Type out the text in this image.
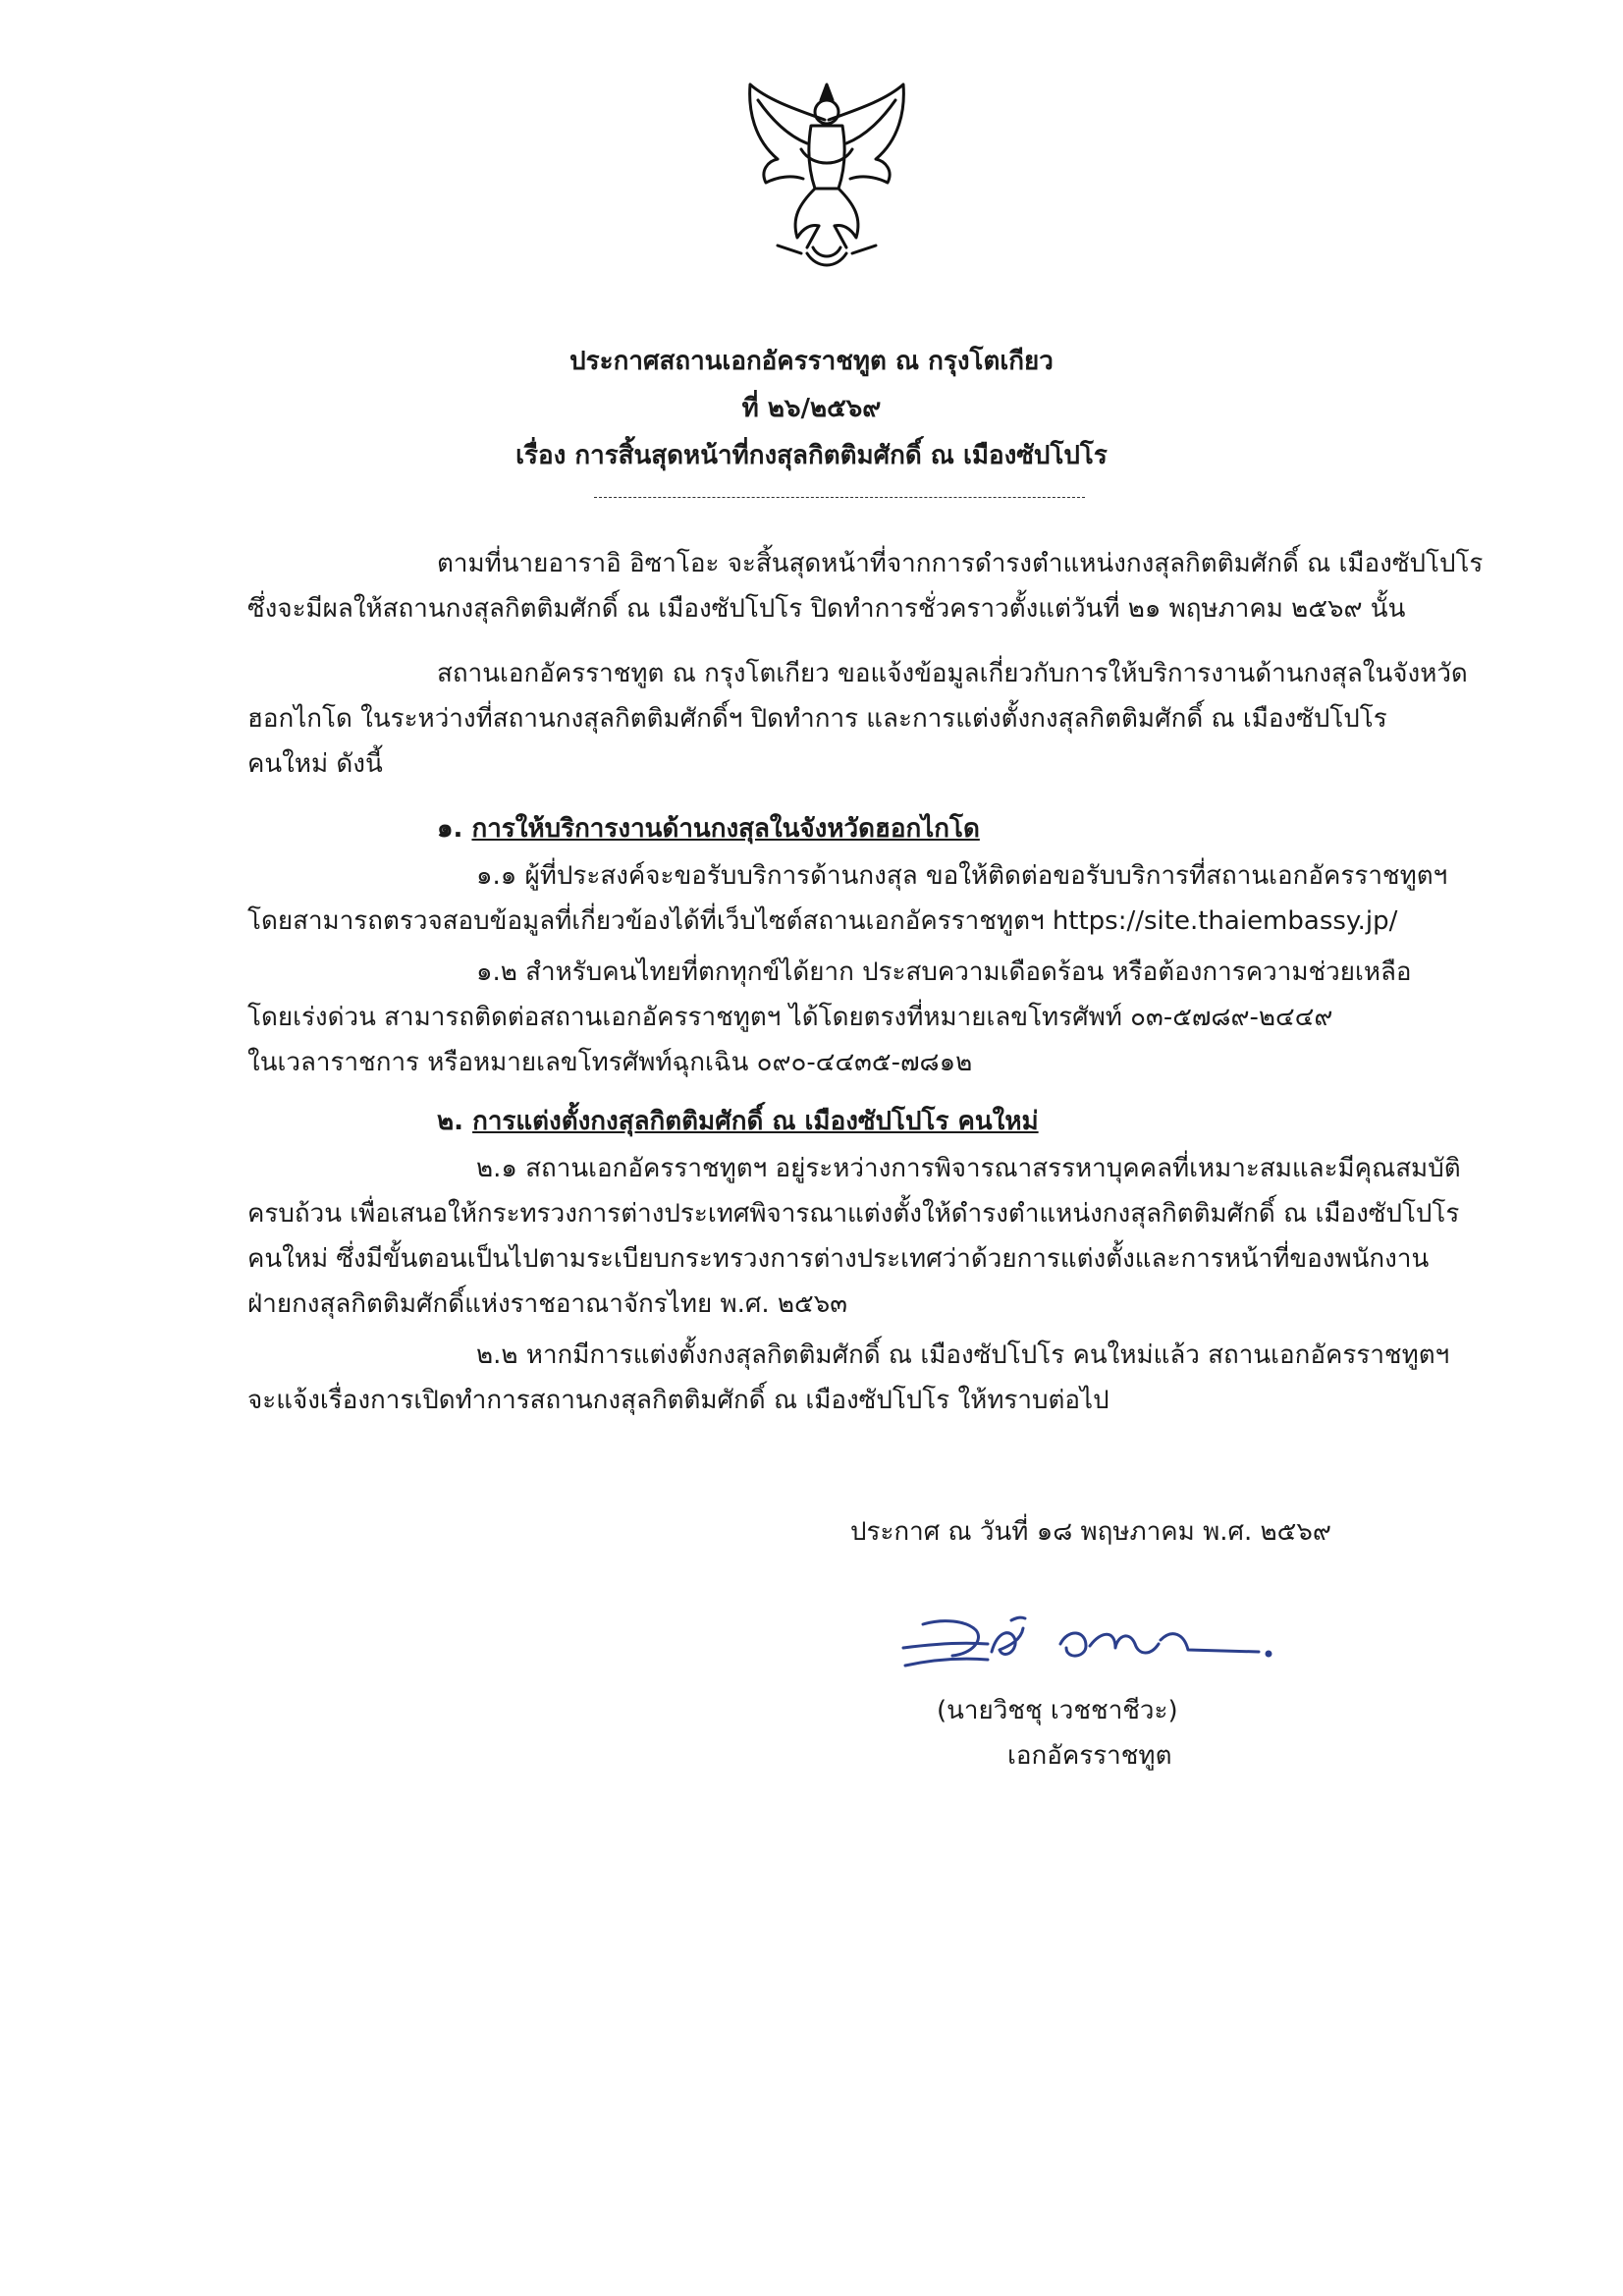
ประกาศสถานเอกอัครราชทูต ณ กรุงโตเกียว
ที่ ๒๖/๒๕๖๙
เรื่อง การสิ้นสุดหน้าที่กงสุลกิตติมศักดิ์ ณ เมืองซัปโปโร
ตามที่นายอาราอิ อิซาโอะ จะสิ้นสุดหน้าที่จากการดำรงตำแหน่งกงสุลกิตติมศักดิ์ ณ เมืองซัปโปโร
ซึ่งจะมีผลให้สถานกงสุลกิตติมศักดิ์ ณ เมืองซัปโปโร ปิดทำการชั่วคราวตั้งแต่วันที่ ๒๑ พฤษภาคม ๒๕๖๙ นั้น
สถานเอกอัครราชทูต ณ กรุงโตเกียว ขอแจ้งข้อมูลเกี่ยวกับการให้บริการงานด้านกงสุลในจังหวัด
ฮอกไกโด ในระหว่างที่สถานกงสุลกิตติมศักดิ์ฯ ปิดทำการ และการแต่งตั้งกงสุลกิตติมศักดิ์ ณ เมืองซัปโปโร
คนใหม่ ดังนี้
๑. การให้บริการงานด้านกงสุลในจังหวัดฮอกไกโด
๑.๑ ผู้ที่ประสงค์จะขอรับบริการด้านกงสุล ขอให้ติดต่อขอรับบริการที่สถานเอกอัครราชทูตฯ
โดยสามารถตรวจสอบข้อมูลที่เกี่ยวข้องได้ที่เว็บไซต์สถานเอกอัครราชทูตฯ https://site.thaiembassy.jp/
๑.๒ สำหรับคนไทยที่ตกทุกข์ได้ยาก ประสบความเดือดร้อน หรือต้องการความช่วยเหลือ
โดยเร่งด่วน สามารถติดต่อสถานเอกอัครราชทูตฯ ได้โดยตรงที่หมายเลขโทรศัพท์ ๐๓-๕๗๘๙-๒๔๔๙
ในเวลาราชการ หรือหมายเลขโทรศัพท์ฉุกเฉิน ๐๙๐-๔๔๓๕-๗๘๑๒
๒. การแต่งตั้งกงสุลกิตติมศักดิ์ ณ เมืองซัปโปโร คนใหม่
๒.๑ สถานเอกอัครราชทูตฯ อยู่ระหว่างการพิจารณาสรรหาบุคคลที่เหมาะสมและมีคุณสมบัติ
ครบถ้วน เพื่อเสนอให้กระทรวงการต่างประเทศพิจารณาแต่งตั้งให้ดำรงตำแหน่งกงสุลกิตติมศักดิ์ ณ เมืองซัปโปโร
คนใหม่ ซึ่งมีขั้นตอนเป็นไปตามระเบียบกระทรวงการต่างประเทศว่าด้วยการแต่งตั้งและการหน้าที่ของพนักงาน
ฝ่ายกงสุลกิตติมศักดิ์แห่งราชอาณาจักรไทย พ.ศ. ๒๕๖๓
๒.๒ หากมีการแต่งตั้งกงสุลกิตติมศักดิ์ ณ เมืองซัปโปโร คนใหม่แล้ว สถานเอกอัครราชทูตฯ
จะแจ้งเรื่องการเปิดทำการสถานกงสุลกิตติมศักดิ์ ณ เมืองซัปโปโร ให้ทราบต่อไป
ประกาศ ณ วันที่ ๑๘ พฤษภาคม พ.ศ. ๒๕๖๙
(นายวิชชุ เวชชาชีวะ)
เอกอัครราชทูต
